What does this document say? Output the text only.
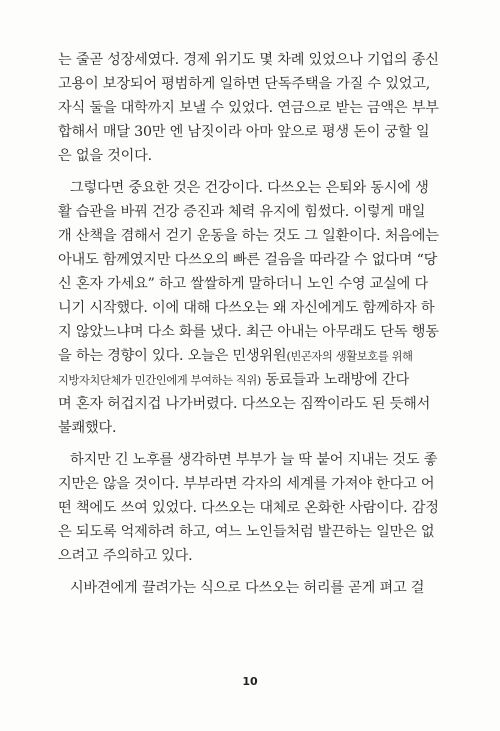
는 줄곧 성장세였다. 경제 위기도 몇 차례 있었으나 기업의 종신
고용이 보장되어 평범하게 일하면 단독주택을 가질 수 있었고,
자식 둘을 대학까지 보낼 수 있었다. 연금으로 받는 금액은 부부
합해서 매달 30만 엔 남짓이라 아마 앞으로 평생 돈이 궁할 일
은 없을 것이다.
그렇다면 중요한 것은 건강이다. 다쓰오는 은퇴와 동시에 생
활 습관을 바꿔 건강 증진과 체력 유지에 힘썼다. 이렇게 매일
개 산책을 겸해서 걷기 운동을 하는 것도 그 일환이다. 처음에는
아내도 함께였지만 다쓰오의 빠른 걸음을 따라갈 수 없다며 “당
신 혼자 가세요” 하고 쌀쌀하게 말하더니 노인 수영 교실에 다
니기 시작했다. 이에 대해 다쓰오는 왜 자신에게도 함께하자 하
지 않았느냐며 다소 화를 냈다. 최근 아내는 아무래도 단독 행동
을 하는 경향이 있다. 오늘은 민생위원(빈곤자의 생활보호를 위해
지방자치단체가 민간인에게 부여하는 직위) 동료들과 노래방에 간다
며 혼자 허겁지겁 나가버렸다. 다쓰오는 짐짝이라도 된 듯해서
불쾌했다.
하지만 긴 노후를 생각하면 부부가 늘 딱 붙어 지내는 것도 좋
지만은 않을 것이다. 부부라면 각자의 세계를 가져야 한다고 어
떤 책에도 쓰여 있었다. 다쓰오는 대체로 온화한 사람이다. 감정
은 되도록 억제하려 하고, 여느 노인들처럼 발끈하는 일만은 없
으려고 주의하고 있다.
시바견에게 끌려가는 식으로 다쓰오는 허리를 곧게 펴고 걸
10
